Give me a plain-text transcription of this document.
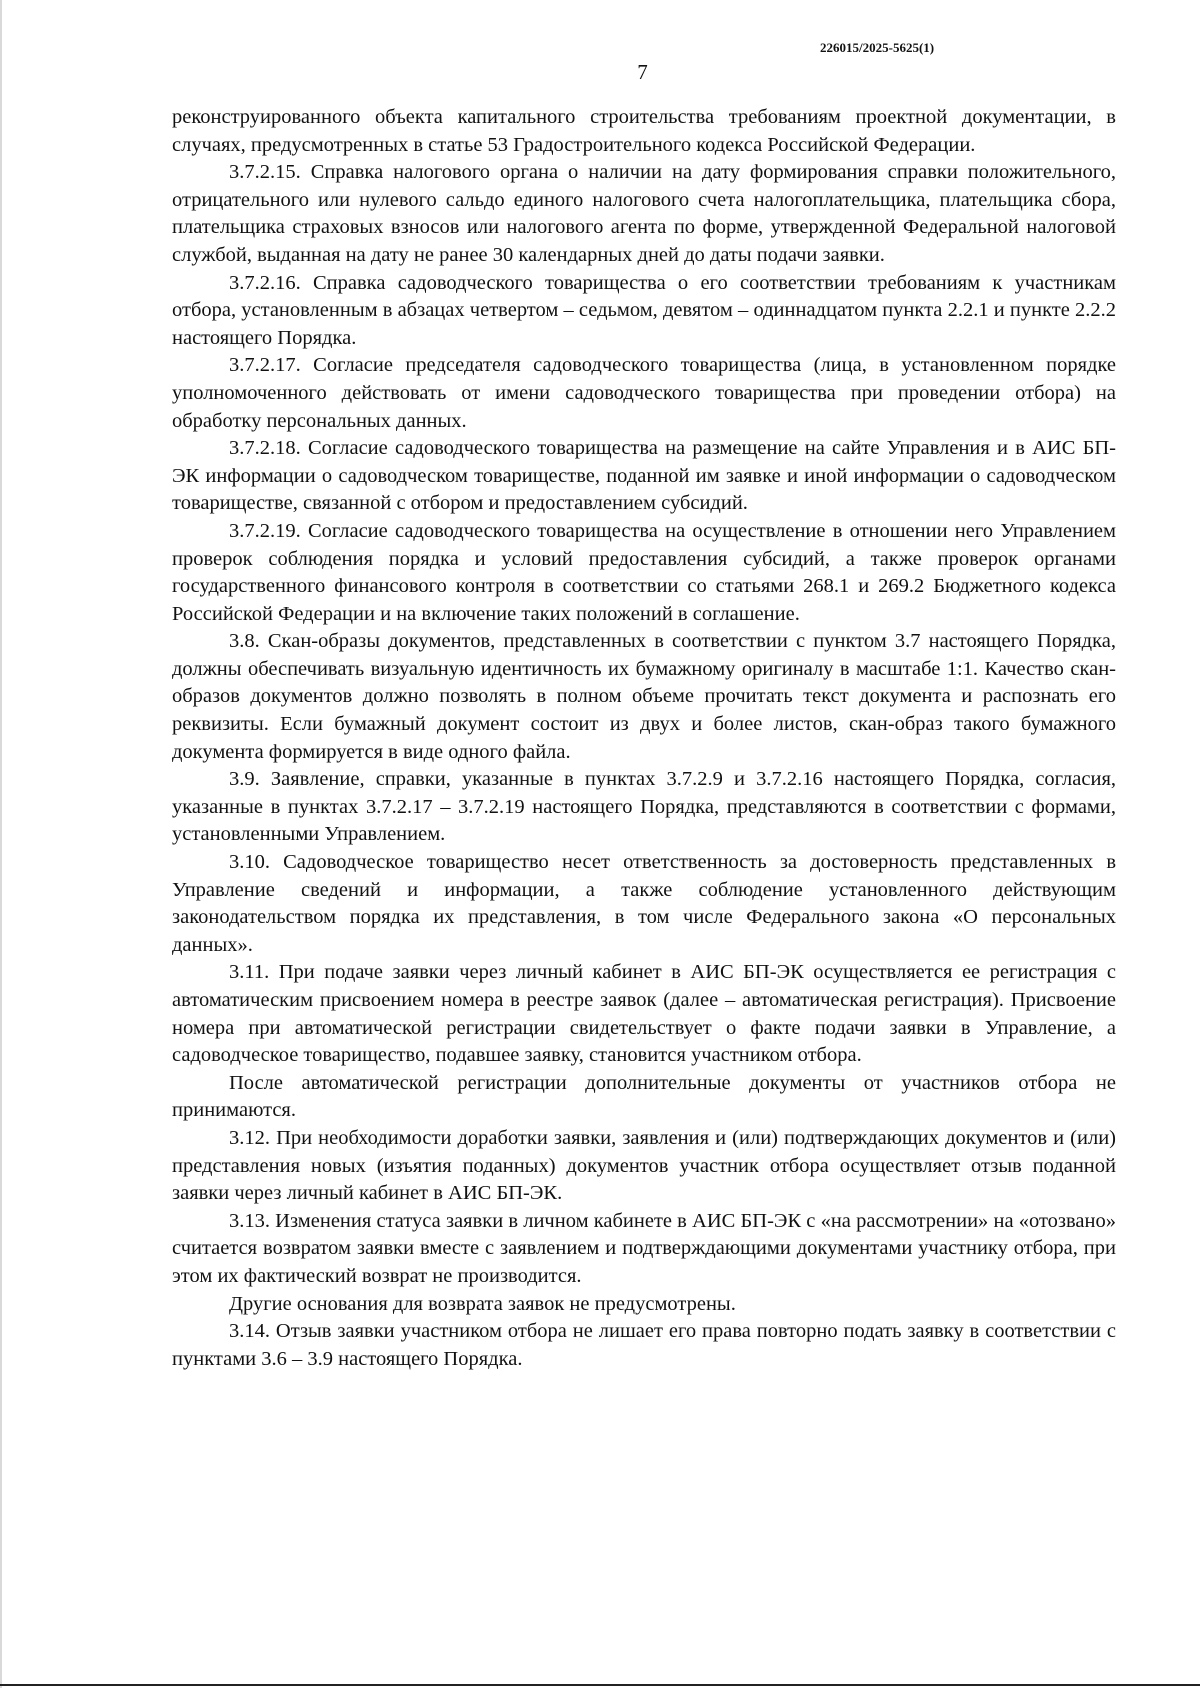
226015/2025-5625(1)
7

реконструированного объекта капитального строительства требованиям проектной документации, в случаях, предусмотренных в статье 53 Градостроительного кодекса Российской Федерации.

3.7.2.15. Справка налогового органа о наличии на дату формирования справки положительного, отрицательного или нулевого сальдо единого налогового счета налогоплательщика, плательщика сбора, плательщика страховых взносов или налогового агента по форме, утвержденной Федеральной налоговой службой, выданная на дату не ранее 30 календарных дней до даты подачи заявки.

3.7.2.16. Справка садоводческого товарищества о его соответствии требованиям к участникам отбора, установленным в абзацах четвертом – седьмом, девятом – одиннадцатом пункта 2.2.1 и пункте 2.2.2 настоящего Порядка.

3.7.2.17. Согласие председателя садоводческого товарищества (лица, в установленном порядке уполномоченного действовать от имени садоводческого товарищества при проведении отбора) на обработку персональных данных.

3.7.2.18. Согласие садоводческого товарищества на размещение на сайте Управления и в АИС БП-ЭК информации о садоводческом товариществе, поданной им заявке и иной информации о садоводческом товариществе, связанной с отбором и предоставлением субсидий.

3.7.2.19. Согласие садоводческого товарищества на осуществление в отношении него Управлением проверок соблюдения порядка и условий предоставления субсидий, а также проверок органами государственного финансового контроля в соответствии со статьями 268.1 и 269.2 Бюджетного кодекса Российской Федерации и на включение таких положений в соглашение.

3.8. Скан-образы документов, представленных в соответствии с пунктом 3.7 настоящего Порядка, должны обеспечивать визуальную идентичность их бумажному оригиналу в масштабе 1:1. Качество скан-образов документов должно позволять в полном объеме прочитать текст документа и распознать его реквизиты. Если бумажный документ состоит из двух и более листов, скан-образ такого бумажного документа формируется в виде одного файла.

3.9. Заявление, справки, указанные в пунктах 3.7.2.9 и 3.7.2.16 настоящего Порядка, согласия, указанные в пунктах 3.7.2.17 – 3.7.2.19 настоящего Порядка, представляются в соответствии с формами, установленными Управлением.

3.10. Садоводческое товарищество несет ответственность за достоверность представленных в Управление сведений и информации, а также соблюдение установленного действующим законодательством порядка их представления, в том числе Федерального закона «О персональных данных».

3.11. При подаче заявки через личный кабинет в АИС БП-ЭК осуществляется ее регистрация с автоматическим присвоением номера в реестре заявок (далее – автоматическая регистрация). Присвоение номера при автоматической регистрации свидетельствует о факте подачи заявки в Управление, а садоводческое товарищество, подавшее заявку, становится участником отбора.

После автоматической регистрации дополнительные документы от участников отбора не принимаются.

3.12. При необходимости доработки заявки, заявления и (или) подтверждающих документов и (или) представления новых (изъятия поданных) документов участник отбора осуществляет отзыв поданной заявки через личный кабинет в АИС БП-ЭК.

3.13. Изменения статуса заявки в личном кабинете в АИС БП-ЭК с «на рассмотрении» на «отозвано» считается возвратом заявки вместе с заявлением и подтверждающими документами участнику отбора, при этом их фактический возврат не производится.

Другие основания для возврата заявок не предусмотрены.

3.14. Отзыв заявки участником отбора не лишает его права повторно подать заявку в соответствии с пунктами 3.6 – 3.9 настоящего Порядка.
